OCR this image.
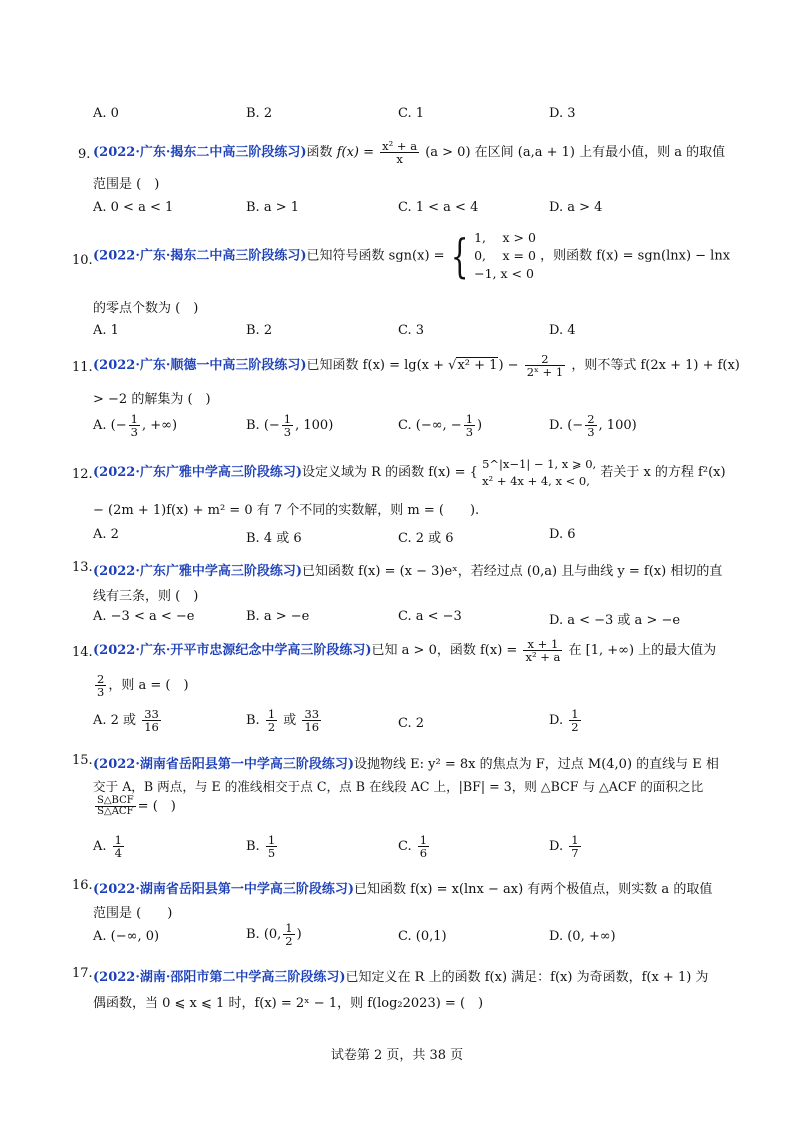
A. 0	B. 2	C. 1	D. 3
9. (2022·广东·揭东二中高三阶段练习)函数 $f(x) = \frac{\text{x² + a}}{x} (a > 0)$ 在区间 (a,a + 1) 上有最小值，则 a 的取值
范围是 (　)
A. 0 < a < 1	B. a > 1	C. 1 < a < 4	D. a > 4
10. (2022·广东·揭东二中高三阶段练习)已知符号函数 sgn(x) = { 1,　 x > 0
0,　 x = 0
−1, x < 0
，则函数 f(x) = sgn(lnx) − lnx
的零点个数为 (　)
A. 1	B. 2	C. 3	D. 4
11. (2022·广东·顺德一中高三阶段练习)已知函数 $f(x) = \lg(x + √x^2 + 1) - \frac{2}{\text{2ˣ + 1}}$ ，则不等式 f(2x + 1) + f(x)
> −2 的解集为 (　)
A. (− $\frac{1}{3}$ , +∞)	B. (− $\frac{1}{3}$ , 100)	C. (−∞, − $\frac{1}{3}$ )	D. (− $\frac{2}{3}$ , 100)
12. (2022·广东广雅中学高三阶段练习)设定义域为 R 的函数 f(x) = {
5^|x−1| − 1, x ⩾ 0,
x² + 4x + 4, x < 0,
若关于 x 的方程 f²(x)
− (2m + 1)f(x) + m² = 0 有 7 个不同的实数解，则 m = (　　).
A. 2	B. 4 或 6	C. 2 或 6	D. 6
13. (2022·广东广雅中学高三阶段练习)已知函数 f(x) = (x − 3)eˣ，若经过点 (0,a) 且与曲线 y = f(x) 相切的直
线有三条，则 (　)
A. −3 < a < −e	B. a > −e	C. a < −3	D. a < −3 或 a > −e
14. (2022·广东·开平市忠源纪念中学高三阶段练习)已知 a > 0，函数 $f(x) = \frac{x + 1}{\text{x² + a}}$ 在 [1, +∞) 上的最大值为
$\frac{2}{3}$ ，则 a = (　)
A. 2 或 $\frac{33}{16}$	B. $\frac{1}{2}$ 或 $\frac{33}{16}$	C. 2	D. $\frac{1}{2}$
15. (2022·湖南省岳阳县第一中学高三阶段练习)设抛物线 E: y² = 8x 的焦点为 F，过点 M(4,0) 的直线与 E 相
交于 A，B 两点，与 E 的准线相交于点 C，点 B 在线段 AC 上，|BF| = 3，则 △BCF 与 △ACF 的面积之比
$\frac{\text{S△BCF}}{\text{S△ACF}}$ = (　)
A. $\frac{1}{4}$	B. $\frac{1}{5}$	C. $\frac{1}{6}$	D. $\frac{1}{7}$
16. (2022·湖南省岳阳县第一中学高三阶段练习)已知函数 f(x) = x(lnx − ax) 有两个极值点，则实数 a 的取值
范围是 (　　)
A. (−∞, 0)	B. (0, $\frac{1}{2}$ )	C. (0,1)	D. (0, +∞)
17. (2022·湖南·邵阳市第二中学高三阶段练习)已知定义在 R 上的函数 f(x) 满足：f(x) 为奇函数，f(x + 1) 为
偶函数，当 0 ⩽ x ⩽ 1 时，f(x) = 2ˣ − 1，则 f(log₂2023) = (　)
试卷第 2 页，共 38 页
